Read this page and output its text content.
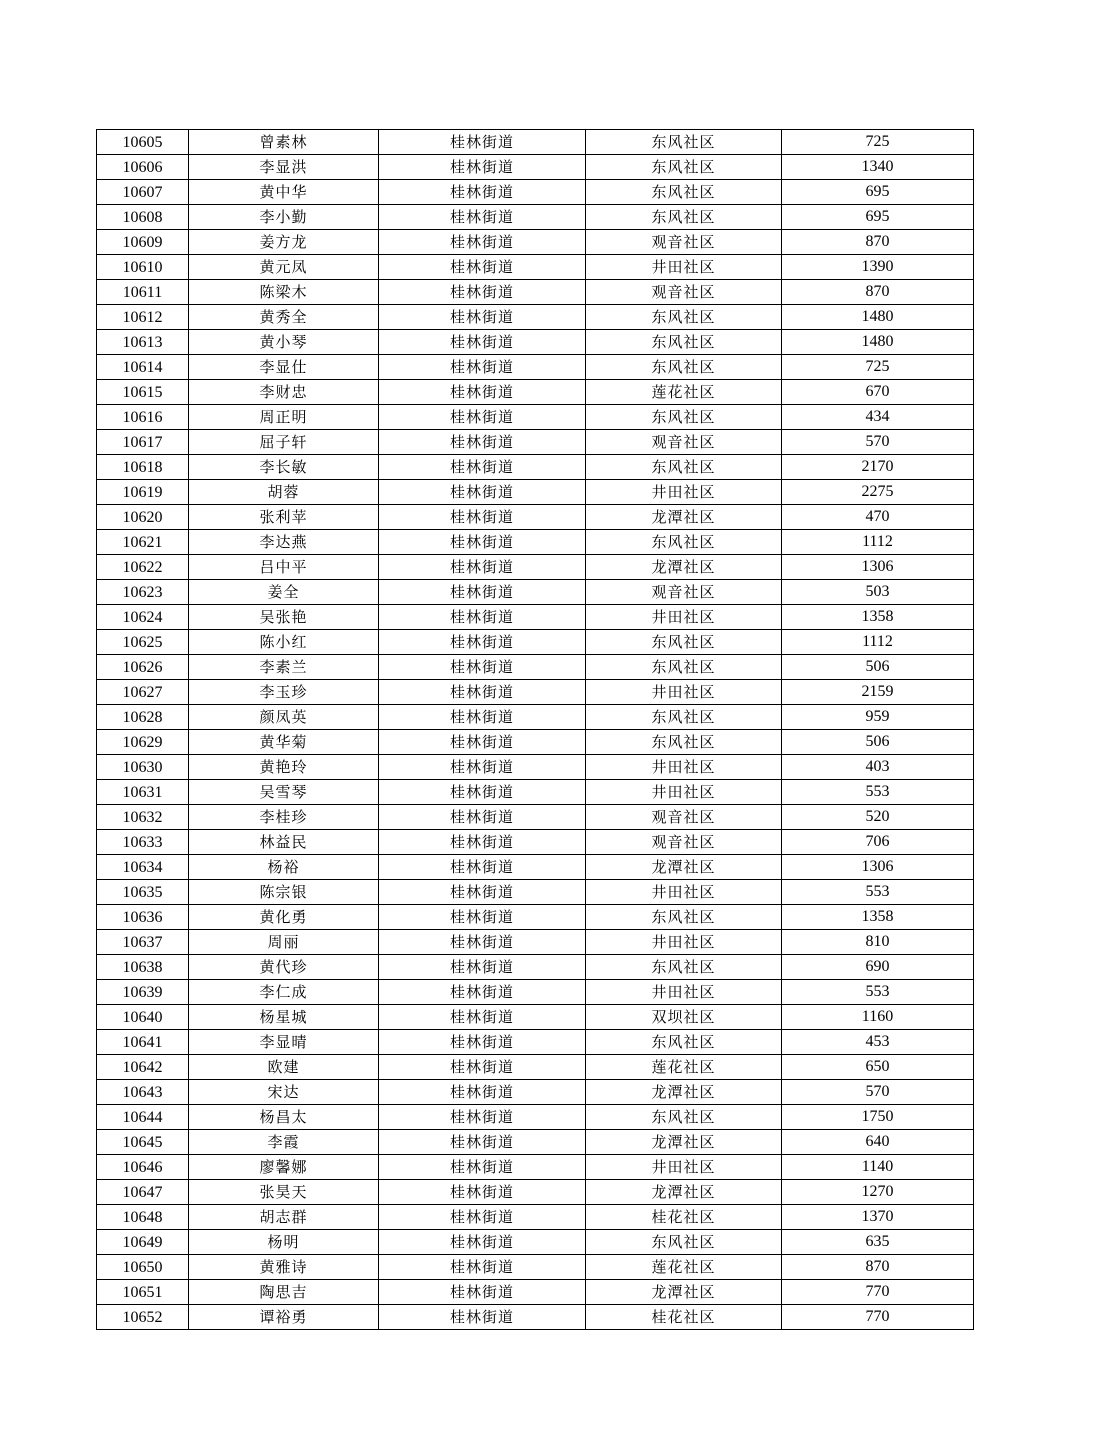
10605	曾素林	桂林街道	东风社区	725
10606	李显洪	桂林街道	东风社区	1340
10607	黄中华	桂林街道	东风社区	695
10608	李小勤	桂林街道	东风社区	695
10609	姜方龙	桂林街道	观音社区	870
10610	黄元凤	桂林街道	井田社区	1390
10611	陈梁木	桂林街道	观音社区	870
10612	黄秀全	桂林街道	东风社区	1480
10613	黄小琴	桂林街道	东风社区	1480
10614	李显仕	桂林街道	东风社区	725
10615	李财忠	桂林街道	莲花社区	670
10616	周正明	桂林街道	东风社区	434
10617	屈子轩	桂林街道	观音社区	570
10618	李长敏	桂林街道	东风社区	2170
10619	胡蓉	桂林街道	井田社区	2275
10620	张利苹	桂林街道	龙潭社区	470
10621	李达燕	桂林街道	东风社区	1112
10622	吕中平	桂林街道	龙潭社区	1306
10623	姜全	桂林街道	观音社区	503
10624	吴张艳	桂林街道	井田社区	1358
10625	陈小红	桂林街道	东风社区	1112
10626	李素兰	桂林街道	东风社区	506
10627	李玉珍	桂林街道	井田社区	2159
10628	颜凤英	桂林街道	东风社区	959
10629	黄华菊	桂林街道	东风社区	506
10630	黄艳玲	桂林街道	井田社区	403
10631	吴雪琴	桂林街道	井田社区	553
10632	李桂珍	桂林街道	观音社区	520
10633	林益民	桂林街道	观音社区	706
10634	杨裕	桂林街道	龙潭社区	1306
10635	陈宗银	桂林街道	井田社区	553
10636	黄化勇	桂林街道	东风社区	1358
10637	周丽	桂林街道	井田社区	810
10638	黄代珍	桂林街道	东风社区	690
10639	李仁成	桂林街道	井田社区	553
10640	杨星城	桂林街道	双坝社区	1160
10641	李显晴	桂林街道	东风社区	453
10642	欧建	桂林街道	莲花社区	650
10643	宋达	桂林街道	龙潭社区	570
10644	杨昌太	桂林街道	东风社区	1750
10645	李霞	桂林街道	龙潭社区	640
10646	廖馨娜	桂林街道	井田社区	1140
10647	张昊天	桂林街道	龙潭社区	1270
10648	胡志群	桂林街道	桂花社区	1370
10649	杨明	桂林街道	东风社区	635
10650	黄雅诗	桂林街道	莲花社区	870
10651	陶思吉	桂林街道	龙潭社区	770
10652	谭裕勇	桂林街道	桂花社区	770
